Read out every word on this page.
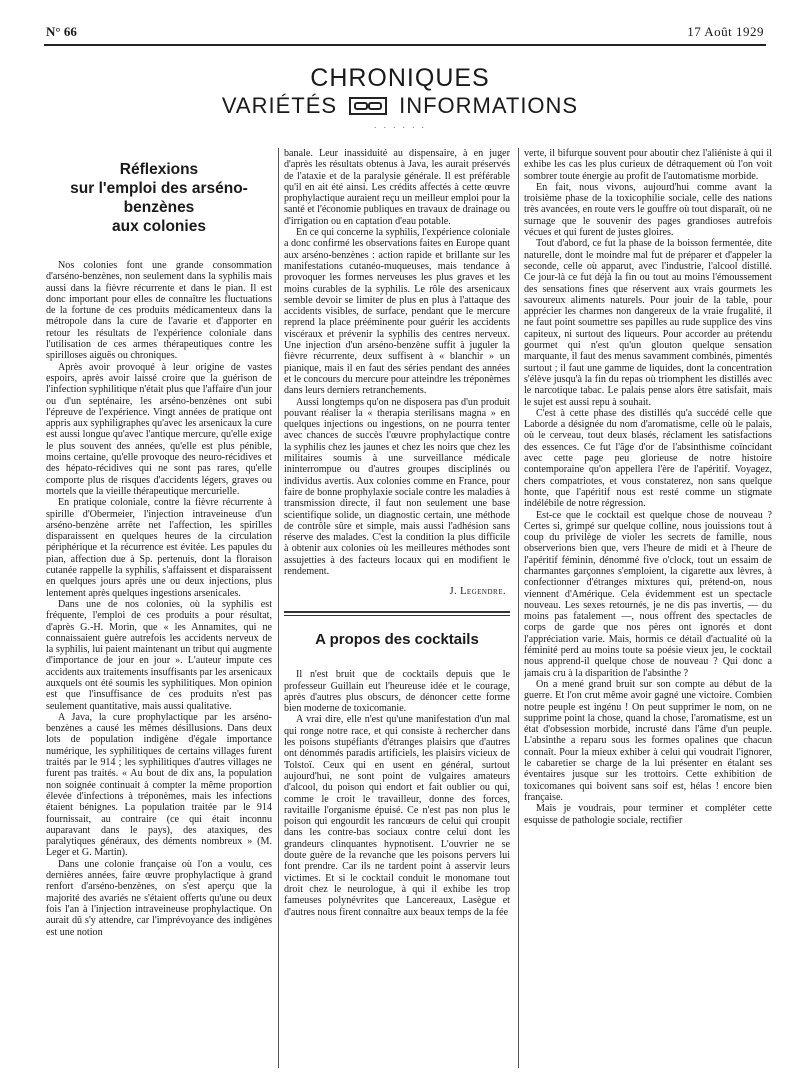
N° 66	17 Août 1929
CHRONIQUES
VARIÉTÉS	INFORMATIONS
· · · · · ·
Réflexions
sur l'emploi des arséno-benzènes
aux colonies

Nos colonies font une grande consommation d'arséno-benzènes, non seulement dans la syphilis mais aussi dans la fièvre récurrente et dans le pian. Il est donc important pour elles de connaître les fluctuations de la fortune de ces produits médicamenteux dans la métropole dans la cure de l'avarie et d'apporter en retour les résultats de l'expérience coloniale dans l'utilisation de ces armes thérapeutiques contre les spirilloses aiguës ou chroniques.

Après avoir provoqué à leur origine de vastes espoirs, après avoir laissé croire que la guérison de l'infection syphilitique n'était plus que l'affaire d'un jour ou d'un septénaire, les arséno-benzènes ont subi l'épreuve de l'expérience. Vingt années de pratique ont appris aux syphiligraphes qu'avec les arsenicaux la cure est aussi longue qu'avec l'antique mercure, qu'elle exige le plus souvent des années, qu'elle est plus pénible, moins certaine, qu'elle provoque des neuro-récidives et des hépato-récidives qui ne sont pas rares, qu'elle comporte plus de risques d'accidents légers, graves ou mortels que la vieille thérapeutique mercurielle.

En pratique coloniale, contre la fièvre récurrente à spirille d'Obermeier, l'injection intraveineuse d'un arséno-benzène arrête net l'affection, les spirilles disparaissent en quelques heures de la circulation périphérique et la récurrence est évitée. Les papules du pian, affection due à Sp. pertenuis, dont la floraison cutanée rappelle la syphilis, s'affaissent et disparaissent en quelques jours après une ou deux injections, plus lentement après quelques ingestions arsenicales.

Dans une de nos colonies, où la syphilis est fréquente, l'emploi de ces produits a pour résultat, d'après G.-H. Morin, que « les Annamites, qui ne connaissaient guère autrefois les accidents nerveux de la syphilis, lui paient maintenant un tribut qui augmente d'importance de jour en jour ». L'auteur impute ces accidents aux traitements insuffisants par les arsenicaux auxquels ont été soumis les syphilitiques. Mon opinion est que l'insuffisance de ces produits n'est pas seulement quantitative, mais aussi qualitative.

A Java, la cure prophylactique par les arséno-benzènes a causé les mêmes désillusions. Dans deux lots de population indigène d'égale importance numérique, les syphilitiques de certains villages furent traités par le 914 ; les syphilitiques d'autres villages ne furent pas traités. « Au bout de dix ans, la population non soignée continuait à compter la même proportion élevée d'infections à tréponèmes, mais les infections étaient bénignes. La population traitée par le 914 fournissait, au contraire (ce qui était inconnu auparavant dans le pays), des ataxiques, des paralytiques généraux, des déments nombreux » (M. Leger et G. Martin).

Dans une colonie française où l'on a voulu, ces dernières années, faire œuvre prophylactique à grand renfort d'arséno-benzènes, on s'est aperçu que la majorité des avariés ne s'étaient offerts qu'une ou deux fois l'an à l'injection intraveineuse prophylactique. On aurait dû s'y attendre, car l'imprévoyance des indigènes est une notion

banale. Leur inassiduité au dispensaire, à en juger d'après les résultats obtenus à Java, les aurait préservés de l'ataxie et de la paralysie générale. Il est préférable qu'il en ait été ainsi. Les crédits affectés à cette œuvre prophylactique auraient reçu un meilleur emploi pour la santé et l'économie publiques en travaux de drainage ou d'irrigation ou en captation d'eau potable.

En ce qui concerne la syphilis, l'expérience coloniale a donc confirmé les observations faites en Europe quant aux arséno-benzènes : action rapide et brillante sur les manifestations cutanéo-muqueuses, mais tendance à provoquer les formes nerveuses les plus graves et les moins curables de la syphilis. Le rôle des arsenicaux semble devoir se limiter de plus en plus à l'attaque des accidents visibles, de surface, pendant que le mercure reprend la place prééminente pour guérir les accidents viscéraux et prévenir la syphilis des centres nerveux. Une injection d'un arséno-benzène suffit à juguler la fièvre récurrente, deux suffisent à « blanchir » un pianique, mais il en faut des séries pendant des années et le concours du mercure pour atteindre les tréponèmes dans leurs derniers retranchements.

Aussi longtemps qu'on ne disposera pas d'un produit pouvant réaliser la « therapia sterilisans magna » en quelques injections ou ingestions, on ne pourra tenter avec chances de succès l'œuvre prophylactique contre la syphilis chez les jaunes et chez les noirs que chez les militaires soumis à une surveillance médicale ininterrompue ou d'autres groupes disciplinés ou individus avertis. Aux colonies comme en France, pour faire de bonne prophylaxie sociale contre les maladies à transmission directe, il faut non seulement une base scientifique solide, un diagnostic certain, une méthode de contrôle sûre et simple, mais aussi l'adhésion sans réserve des malades. C'est la condition la plus difficile à obtenir aux colonies où les meilleures méthodes sont assujetties à des facteurs locaux qui en modifient le rendement.

J. Legendre.
A propos des cocktails

Il n'est bruit que de cocktails depuis que le professeur Guillain eut l'heureuse idée et le courage, après d'autres plus obscurs, de dénoncer cette forme bien moderne de toxicomanie.

A vrai dire, elle n'est qu'une manifestation d'un mal qui ronge notre race, et qui consiste à rechercher dans les poisons stupéfiants d'étranges plaisirs que d'autres ont dénommés paradis artificiels, les plaisirs vicieux de Tolstoï. Ceux qui en usent en général, surtout aujourd'hui, ne sont point de vulgaires amateurs d'alcool, du poison qui endort et fait oublier ou qui, comme le croit le travailleur, donne des forces, ravitaille l'organisme épuisé. Ce n'est pas non plus le poison qui engourdit les rancœurs de celui qui croupit dans les contre-bas sociaux contre celui dont les grandeurs clinquantes hypnotisent. L'ouvrier ne se doute guère de la revanche que les poisons pervers lui font prendre. Car ils ne tardent point à asservir leurs victimes. Et si le cocktail conduit le monomane tout droit chez le neurologue, à qui il exhibe les trop fameuses polynévrites que Lancereaux, Lasègue et d'autres nous firent connaître aux beaux temps de la fée

verte, il bifurque souvent pour aboutir chez l'aliéniste à qui il exhibe les cas les plus curieux de détraquement où l'on voit sombrer toute énergie au profit de l'automatisme morbide.

En fait, nous vivons, aujourd'hui comme avant la troisième phase de la toxicophilie sociale, celle des nations très avancées, en route vers le gouffre où tout disparaît, où ne surnage que le souvenir des pages grandioses autrefois vécues et qui furent de justes gloires.

Tout d'abord, ce fut la phase de la boisson fermentée, dite naturelle, dont le moindre mal fut de préparer et d'appeler la seconde, celle où apparut, avec l'industrie, l'alcool distillé. Ce jour-là ce fut déjà la fin ou tout au moins l'émoussement des sensations fines que réservent aux vrais gourmets les savoureux aliments naturels. Pour jouir de la table, pour apprécier les charmes non dangereux de la vraie frugalité, il ne faut point soumettre ses papilles au rude supplice des vins capiteux, ni surtout des liqueurs. Pour accorder au prétendu gourmet qui n'est qu'un glouton quelque sensation marquante, il faut des menus savamment combinés, pimentés surtout ; il faut une gamme de liquides, dont la concentration s'élève jusqu'à la fin du repas où triomphent les distillés avec le narcotique tabac. Le palais pense alors être satisfait, mais le sujet est aussi repu à souhait.

C'est à cette phase des distillés qu'a succédé celle que Laborde a désignée du nom d'aromatisme, celle où le palais, où le cerveau, tout deux blasés, réclament les satisfactions des essences. Ce fut l'âge d'or de l'absinthisme coïncidant avec cette page peu glorieuse de notre histoire contemporaine qu'on appellera l'ère de l'apéritif. Voyagez, chers compatriotes, et vous constaterez, non sans quelque honte, que l'apéritif nous est resté comme un stigmate indélébile de notre régression.

Est-ce que le cocktail est quelque chose de nouveau ? Certes si, grimpé sur quelque colline, nous jouissions tout à coup du privilège de violer les secrets de famille, nous observerions bien que, vers l'heure de midi et à l'heure de l'apéritif féminin, dénommé five o'clock, tout un essaim de charmantes garçonnes s'emploient, la cigarette aux lèvres, à confectionner d'étranges mixtures qui, prétend-on, nous viennent d'Amérique. Cela évidemment est un spectacle nouveau. Les sexes retournés, je ne dis pas invertis, — du moins pas fatalement —, nous offrent des spectacles de corps de garde que nos pères ont ignorés et dont l'appréciation varie. Mais, hormis ce détail d'actualité où la féminité perd au moins toute sa poésie vieux jeu, le cocktail nous apprend-il quelque chose de nouveau ? Qui donc a jamais cru à la disparition de l'absinthe ?

On a mené grand bruit sur son compte au début de la guerre. Et l'on crut même avoir gagné une victoire. Combien notre peuple est ingénu ! On peut supprimer le nom, on ne supprime point la chose, quand la chose, l'aromatisme, est un état d'obsession morbide, incrusté dans l'âme d'un peuple. L'absinthe a reparu sous les formes opalines que chacun connaît. Pour la mieux exhiber à celui qui voudrait l'ignorer, le cabaretier se charge de la lui présenter en étalant ses éventaires jusque sur les trottoirs. Cette exhibition de toxicomanes qui boivent sans soif est, hélas ! encore bien française.

Mais je voudrais, pour terminer et compléter cette esquisse de pathologie sociale, rectifier
